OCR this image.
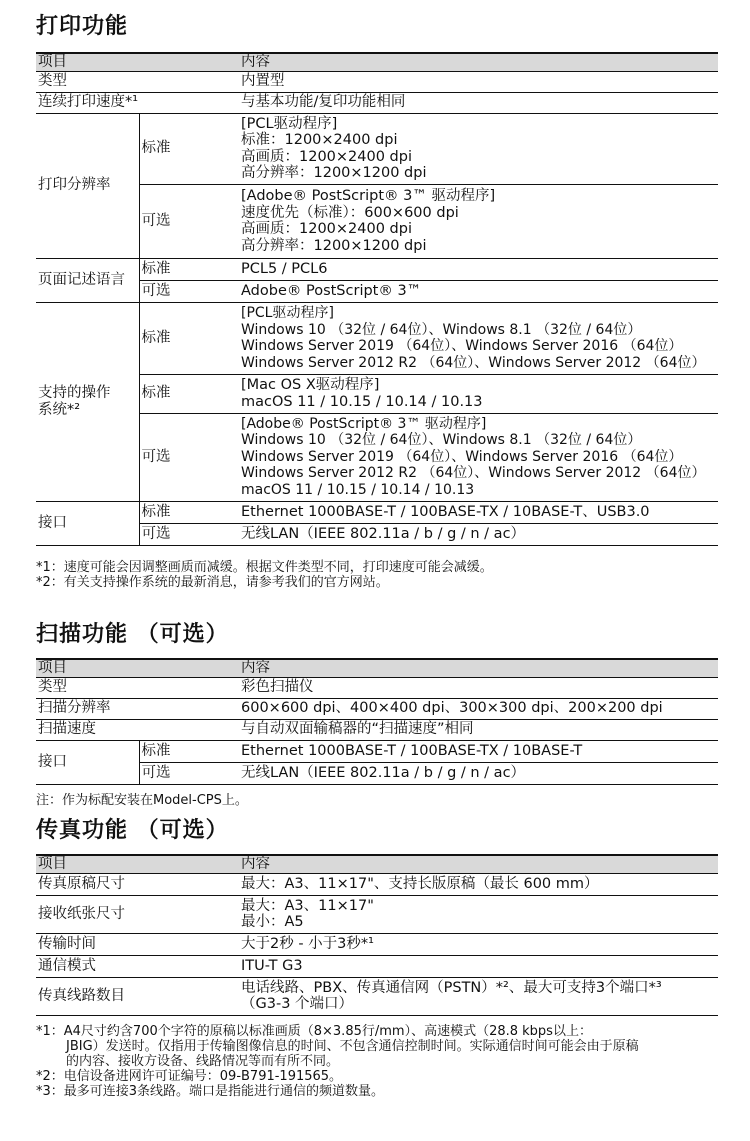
打印功能
项目		内容
类型		内置型
连续打印速度*¹		与基本功能/复印功能相同
打印分辨率	标准	[PCL驱动程序]
标准：1200×2400 dpi
高画质：1200×2400 dpi
高分辨率：1200×1200 dpi

	可选	[Adobe® PostScript® 3™ 驱动程序]
速度优先（标准）：600×600 dpi
高画质：1200×2400 dpi
高分辨率：1200×1200 dpi

页面记述语言	标准	PCL5 / PCL6
	可选	Adobe® PostScript® 3™

支持的操作
系统*²	标准	[PCL驱动程序]
Windows 10 （32位 / 64位）、Windows 8.1 （32位 / 64位）
Windows Server 2019 （64位）、Windows Server 2016 （64位）
Windows Server 2012 R2 （64位）、Windows Server 2012 （64位）

	标准	[Mac OS X驱动程序]
macOS 11 / 10.15 / 10.14 / 10.13

	可选	[Adobe® PostScript® 3™ 驱动程序]
Windows 10 （32位 / 64位）、Windows 8.1 （32位 / 64位）
Windows Server 2019 （64位）、Windows Server 2016 （64位）
Windows Server 2012 R2 （64位）、Windows Server 2012 （64位）
macOS 11 / 10.15 / 10.14 / 10.13

接口	标准	Ethernet 1000BASE-T / 100BASE-TX / 10BASE-T、USB3.0
	可选	无线LAN（IEEE 802.11a / b / g / n / ac）
*1：速度可能会因调整画质而减缓。根据文件类型不同，打印速度可能会减缓。
*2：有关支持操作系统的最新消息，请参考我们的官方网站。
扫描功能 （可选）
项目		内容
类型		彩色扫描仪
扫描分辨率		600×600 dpi、400×400 dpi、300×300 dpi、200×200 dpi
扫描速度		与自动双面输稿器的“扫描速度”相同
接口	标准	Ethernet 1000BASE-T / 100BASE-TX / 10BASE-T
	可选	无线LAN（IEEE 802.11a / b / g / n / ac）
注：作为标配安装在Model-CPS上。
传真功能 （可选）
项目	内容
传真原稿尺寸	最大：A3、11×17"、支持长版原稿（最长 600 mm）
接收纸张尺寸	最大：A3、11×17"
最小：A5

传输时间	大于2秒 - 小于3秒*¹
通信模式	ITU-T G3
传真线路数目	电话线路、PBX、传真通信网（PSTN）*²、最大可支持3个端口*³
（G3-3 个端口）
*1：A4尺寸约含700个字符的原稿以标准画质（8×3.85行/mm）、高速模式（28.8 kbps以上：
JBIG）发送时。仅指用于传输图像信息的时间、不包含通信控制时间。实际通信时间可能会由于原稿
的内容、接收方设备、线路情况等而有所不同。
*2：电信设备进网许可证编号：09-B791-191565。
*3：最多可连接3条线路。端口是指能进行通信的频道数量。
